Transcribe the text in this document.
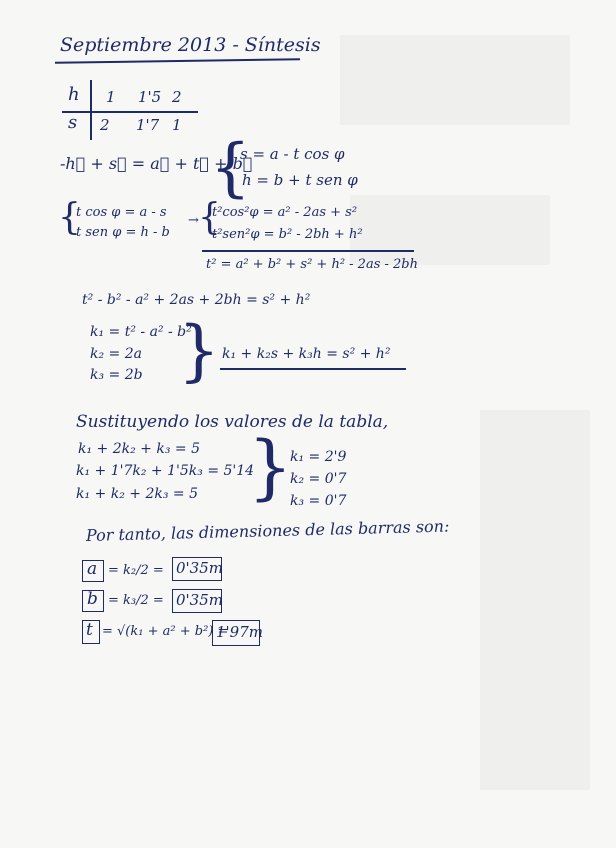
Septiembre 2013 - Síntesis
h 1 1'5 2
s 2 1'7 1
-h⃗ + s⃗ = a⃗ + t⃗ + b⃗
{
s = a - t cos φ
h = b + t sen φ
{
t cos φ = a - s
t sen φ = h - b
→ {
t²cos²φ = a² - 2as + s²
t²sen²φ = b² - 2bh + h²
t² = a² + b² + s² + h² - 2as - 2bh
t² - b² - a² + 2as + 2bh = s² + h²
k₁ = t² - a² - b²
k₂ = 2a
k₃ = 2b } k₁ + k₂s + k₃h = s² + h²
Sustituyendo los valores de la tabla,
k₁ + 2k₂ + k₃ = 5
k₁ + 1'7k₂ + 1'5k₃ = 5'14
k₁ + k₂ + 2k₃ = 5 }
k₁ = 2'9
k₂ = 0'7
k₃ = 0'7
Por tanto, las dimensiones de las barras son:
a = k₂/2 = 0'35m
b = k₃/2 = 0'35m
t = √(k₁ + a² + b²) =
1'97m
